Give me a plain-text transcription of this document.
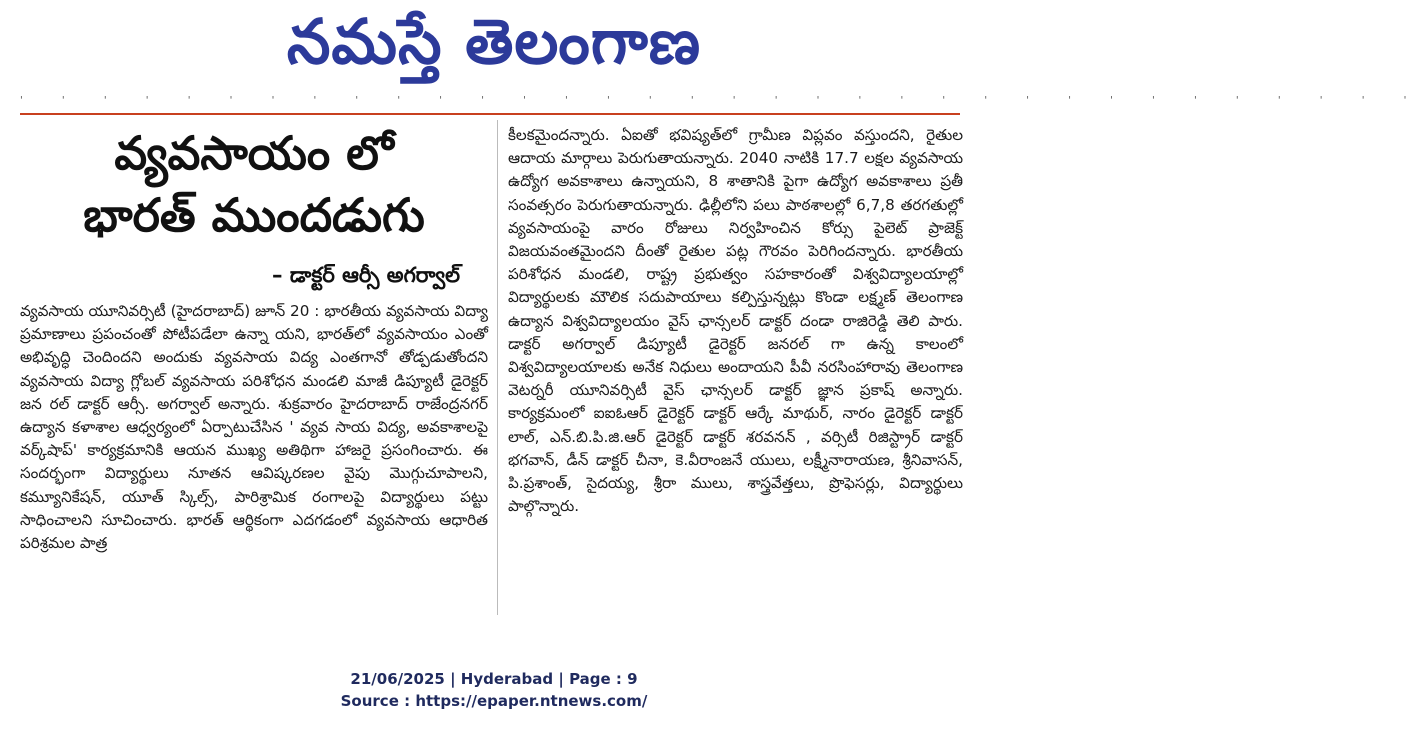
నమస్తే తెలంగాణ
' ' ' ' ' ' ' ' ' ' ' ' ' ' ' ' ' ' ' ' ' ' ' ' ' ' ' ' ' ' ' ' ' '
వ్యవసాయం లో
భారత్ ముందడుగు
– డాక్టర్ ఆర్సీ అగర్వాల్
వ్యవసాయ యూనివర్సిటీ (హైదరాబాద్) జూన్ 20 : భారతీయ వ్యవసాయ విద్యా ప్రమాణాలు ప్రపంచంతో పోటీపడేలా ఉన్నా యని, భారత్‌లో వ్యవసాయం ఎంతో అభివృద్ధి చెందిందని అందుకు వ్యవసాయ విద్య ఎంతగానో తోడ్పడుతోందని వ్యవసాయ విద్యా గ్లోబల్ వ్యవసాయ పరిశోధన మండలి మాజీ డిప్యూటీ డైరెక్టర్ జన రల్ డాక్టర్ ఆర్సీ. అగర్వాల్ అన్నారు. శుక్రవారం హైదరాబాద్ రాజేంద్రనగర్ ఉద్యాన కళాశాల ఆధ్వర్యంలో ఏర్పాటుచేసిన ' వ్యవ సాయ విద్య, అవకాశాలపై వర్క్‌షాప్' కార్యక్రమానికి ఆయన ముఖ్య అతిథిగా హాజరై ప్రసంగించారు. ఈ సందర్భంగా విద్యార్థులు నూతన ఆవిష్కరణల వైపు మొగ్గుచూపాలని, కమ్యూనికేషన్, యూత్ స్కిల్స్, పారిశ్రామిక రంగాలపై విద్యార్థులు పట్టు సాధించాలని సూచించారు. భారత్ ఆర్థికంగా ఎదగడంలో వ్యవసాయ ఆధారిత పరిశ్రమల పాత్ర
కీలకమైందన్నారు. ఏఐతో భవిష్యత్‌లో గ్రామీణ విప్లవం వస్తుందని, రైతుల ఆదాయ మార్గాలు పెరుగుతాయన్నారు. 2040 నాటికి 17.7 లక్షల వ్యవసాయ ఉద్యోగ అవకాశాలు ఉన్నాయని, 8 శాతానికి పైగా ఉద్యోగ అవకాశాలు ప్రతీ సంవత్సరం పెరుగుతాయన్నారు. ఢిల్లీలోని పలు పాఠశాలల్లో 6,7,8 తరగతుల్లో వ్యవసాయంపై వారం రోజులు నిర్వహించిన కోర్సు పైలెట్ ప్రాజెక్ట్ విజయవంతమైందని దీంతో రైతుల పట్ల గౌరవం పెరిగిందన్నారు. భారతీయ పరిశోధన మండలి, రాష్ట్ర ప్రభుత్వం సహకారంతో విశ్వవిద్యాలయాల్లో విద్యార్థులకు మౌలిక సదుపాయాలు కల్పిస్తున్నట్లు కొండా లక్ష్మణ్ తెలంగాణ ఉద్యాన విశ్వవిద్యాలయం వైస్ ఛాన్సలర్ డాక్టర్ దండా రాజిరెడ్డి తెలి పారు. డాక్టర్ అగర్వాల్ డిప్యూటీ డైరెక్టర్ జనరల్ గా ఉన్న కాలంలో విశ్వవిద్యాలయాలకు అనేక నిధులు అందాయని పీవీ నరసింహారావు తెలంగాణ వెటర్నరీ యూనివర్సిటీ వైస్ ఛాన్సలర్ డాక్టర్ జ్ఞాన ప్రకాష్ అన్నారు. కార్యక్రమంలో ఐఐఓఆర్ డైరెక్టర్ డాక్టర్ ఆర్కే మాథుర్, నారం డైరెక్టర్ డాక్టర్ లాల్, ఎన్.బి.పి.జి.ఆర్ డైరెక్టర్ డాక్టర్ శరవనన్ , వర్సిటీ రిజిస్ట్రార్ డాక్టర్ భగవాన్, డీన్ డాక్టర్ చీనా, కె.వీరాంజనే యులు, లక్ష్మీనారాయణ, శ్రీనివాసన్, పి.ప్రశాంత్, సైదయ్య, శ్రీరా ములు, శాస్త్రవేత్తలు, ప్రొఫెసర్లు, విద్యార్థులు పాల్గొన్నారు.
21/06/2025 | Hyderabad | Page : 9
Source : https://epaper.ntnews.com/
